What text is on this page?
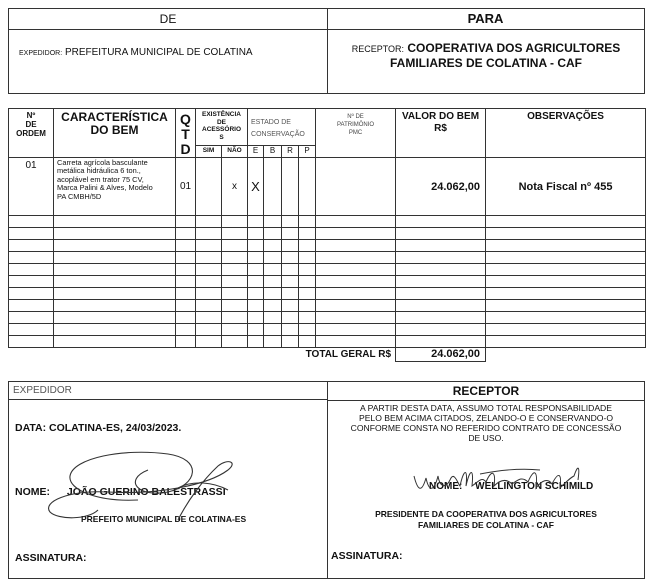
DE	PARA
EXPEDIDOR: PREFEITURA MUNICIPAL DE COLATINA	RECEPTOR: COOPERATIVA DOS AGRICULTORES
FAMILIARES DE COLATINA - CAF
Nº
DE
ORDEM	CARACTERÍSTICA
DO BEM	Q
T
D	EXISTÊNCIA
DE
ACESSÓRIO
S		ESTADO DE
CONSERVAÇÃO				Nº DE
PATRIMÔNIO
PMC	VALOR DO BEM
R$	OBSERVAÇÕES
			SIM	NÃO	E	B	R	P			
01	Carreta agrícola basculante
metálica hidráulica 6 ton.,
acoplável em trator 75 CV,
Marca Palini & Alves, Modelo
PA CMBH/5D	01		x	X					24.062,00	Nota Fiscal nº 455

TOTAL GERAL R$										24.062,00	
EXPEDIDOR
DATA: COLATINA-ES, 24/03/2023.
NOME: JOÃO GUERINO BALESTRASSI
PREFEITO MUNICIPAL DE COLATINA-ES
ASSINATURA:
RECEPTOR
A PARTIR DESTA DATA, ASSUMO TOTAL RESPONSABILIDADE
PELO BEM ACIMA CITADOS, ZELANDO-O E CONSERVANDO-O
CONFORME CONSTA NO REFERIDO CONTRATO DE CONCESSÃO
DE USO.
NOME: WELLINGTON SCHIMILD
PRESIDENTE DA COOPERATIVA DOS AGRICULTORES
FAMILIARES DE COLATINA - CAF
ASSINATURA:
